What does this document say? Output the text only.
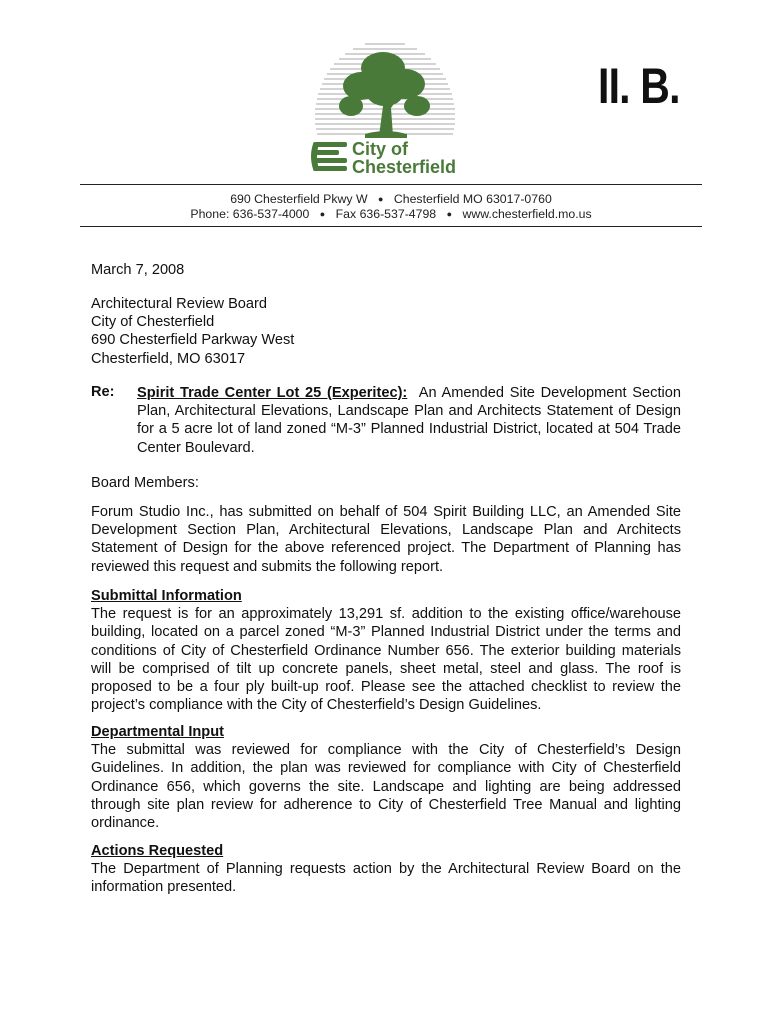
City of
Chesterfield
II. B.
690 Chesterfield Pkwy W ● Chesterfield MO 63017-0760
Phone: 636-537-4000 ● Fax 636-537-4798 ● www.chesterfield.mo.us
March 7, 2008
Architectural Review Board
City of Chesterfield
690 Chesterfield Parkway West
Chesterfield, MO 63017
Re: Spirit Trade Center Lot 25 (Experitec): An Amended Site Development Section Plan, Architectural Elevations, Landscape Plan and Architects Statement of Design for a 5 acre lot of land zoned “M-3” Planned Industrial District, located at 504 Trade Center Boulevard.
Board Members:
Forum Studio Inc., has submitted on behalf of 504 Spirit Building LLC, an Amended Site Development Section Plan, Architectural Elevations, Landscape Plan and Architects Statement of Design for the above referenced project. The Department of Planning has reviewed this request and submits the following report.
Submittal Information
The request is for an approximately 13,291 sf. addition to the existing office/warehouse building, located on a parcel zoned “M-3” Planned Industrial District under the terms and conditions of City of Chesterfield Ordinance Number 656. The exterior building materials will be comprised of tilt up concrete panels, sheet metal, steel and glass. The roof is proposed to be a four ply built-up roof. Please see the attached checklist to review the project’s compliance with the City of Chesterfield’s Design Guidelines.
Departmental Input
The submittal was reviewed for compliance with the City of Chesterfield’s Design Guidelines. In addition, the plan was reviewed for compliance with City of Chesterfield Ordinance 656, which governs the site. Landscape and lighting are being addressed through site plan review for adherence to City of Chesterfield Tree Manual and lighting ordinance.
Actions Requested
The Department of Planning requests action by the Architectural Review Board on the information presented.
